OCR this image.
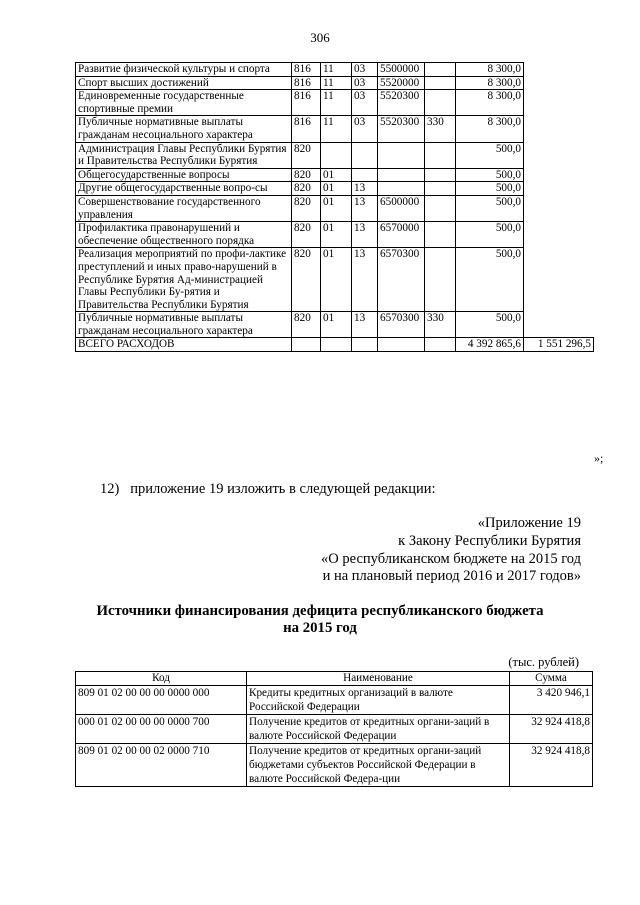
306
Развитие физической культуры и спорта	816	11	03	5500000		8 300,0	
Спорт высших достижений	816	11	03	5520000		8 300,0	
Единовременные государственные спортивные премии	816	11	03	5520300		8 300,0	
Публичные нормативные выплаты гражданам несоциального характера	816	11	03	5520300	330	8 300,0	
Администрация Главы Республики Бурятия и Правительства Республики Бурятия	820					500,0	
Общегосударственные вопросы	820	01				500,0	
Другие общегосударственные вопро-сы	820	01	13			500,0	
Совершенствование государственного управления	820	01	13	6500000		500,0	
Профилактика правонарушений и обеспечение общественного порядка	820	01	13	6570000		500,0	
Реализация мероприятий по профи-лактике преступлений и иных право-нарушений в Республике Бурятия Ад-министрацией Главы Республики Бу-рятия и Правительства Республики Бурятия	820	01	13	6570300		500,0	
Публичные нормативные выплаты гражданам несоциального характера	820	01	13	6570300	330	500,0	
ВСЕГО РАСХОДОВ						4 392 865,6	1 551 296,5
»;
12)   приложение 19 изложить в следующей редакции:
«Приложение 19
к Закону Республики Бурятия
«О республиканском бюджете на 2015 год
и на плановый период 2016 и 2017 годов»
Источники финансирования дефицита республиканского бюджета
на 2015 год
(тыс. рублей)
Код	Наименование	Сумма
809 01 02 00 00 00 0000 000	Кредиты кредитных организаций в валюте Российской Федерации	3 420 946,1
000 01 02 00 00 00 0000 700	Получение кредитов от кредитных органи-заций в валюте Российской Федерации	32 924 418,8
809 01 02 00 00 02 0000 710	Получение кредитов от кредитных органи-заций бюджетами субъектов Российской Федерации в валюте Российской Федера-ции	32 924 418,8
